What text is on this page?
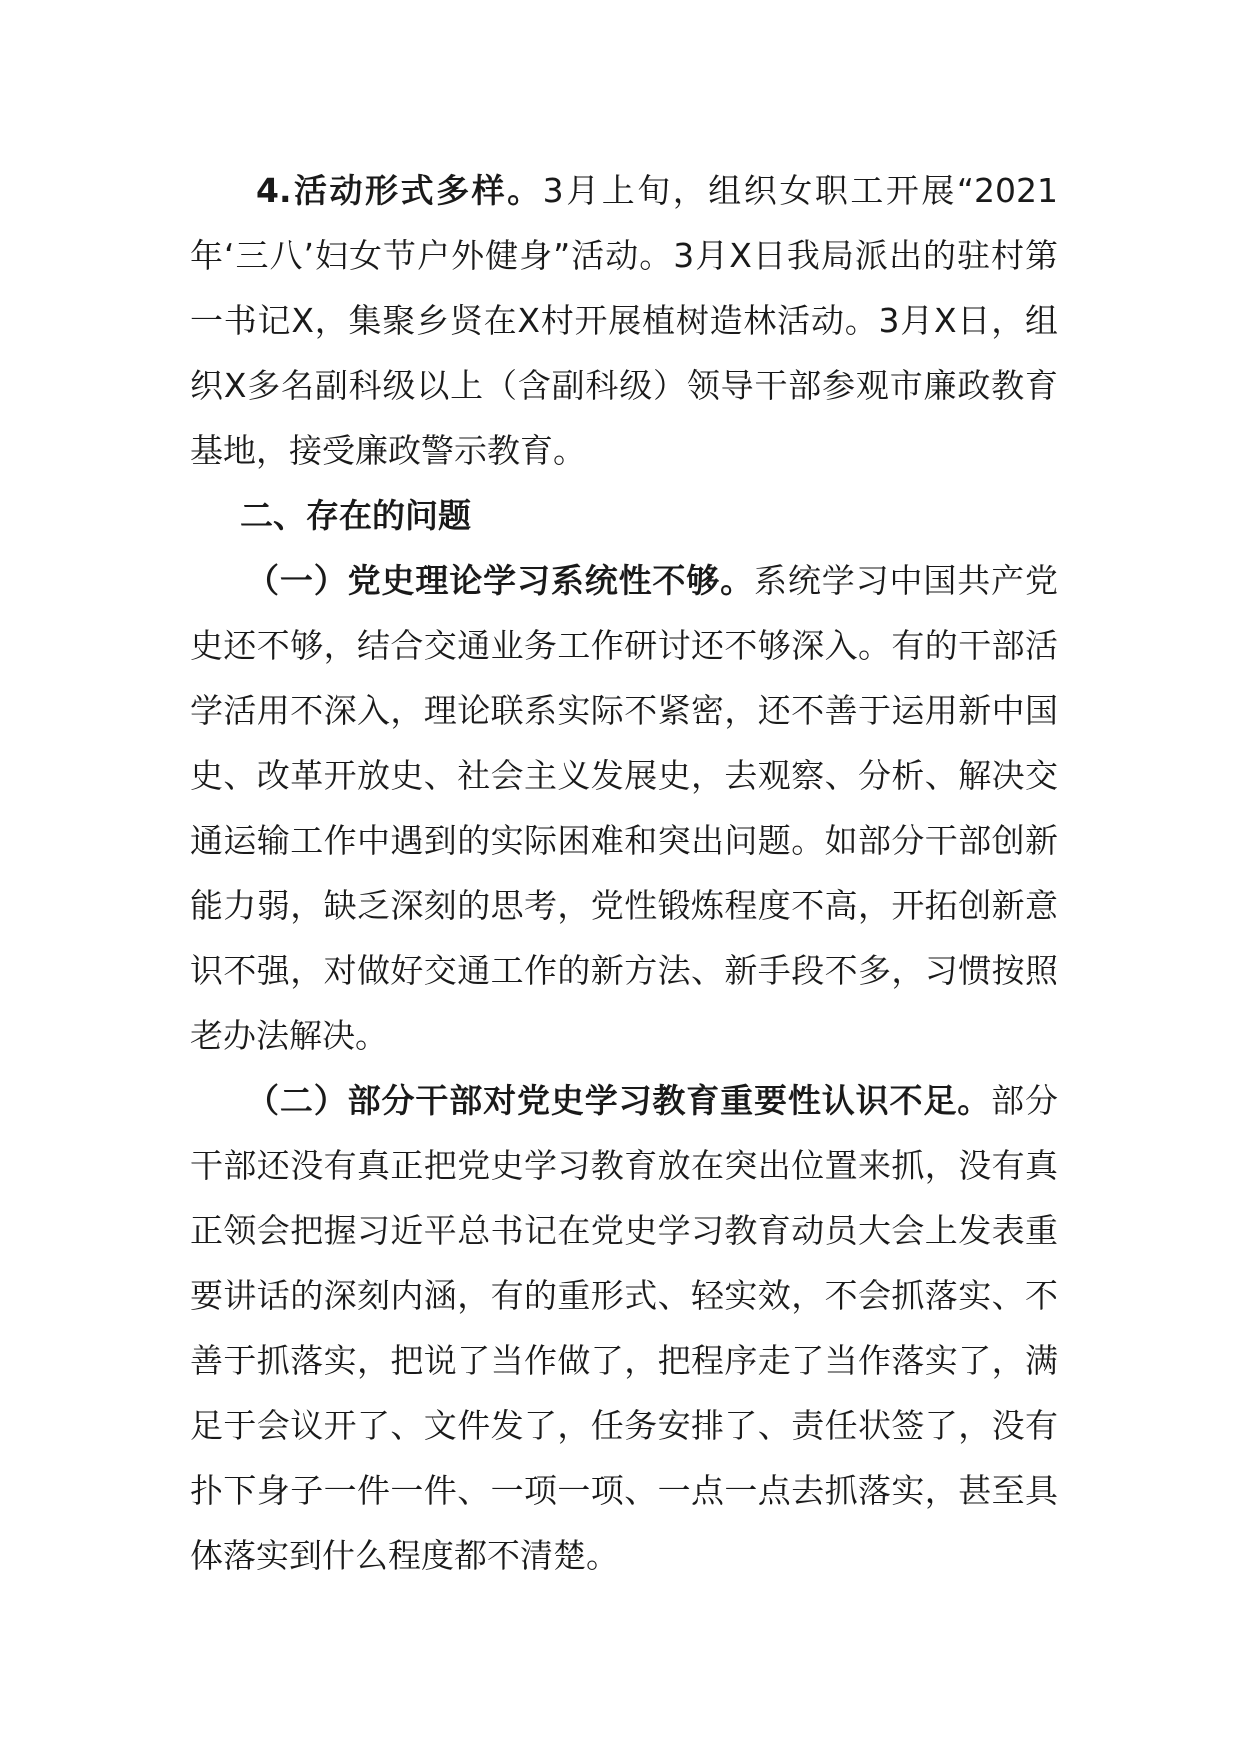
4.活动形式多样。3月上旬，组织女职工开展“2021年‘三八’妇女节户外健身”活动。3月X日我局派出的驻村第一书记X，集聚乡贤在X村开展植树造林活动。3月X日，组织X多名副科级以上（含副科级）领导干部参观市廉政教育基地，接受廉政警示教育。

二、存在的问题

（一）党史理论学习系统性不够。系统学习中国共产党史还不够，结合交通业务工作研讨还不够深入。有的干部活学活用不深入，理论联系实际不紧密，还不善于运用新中国史、改革开放史、社会主义发展史，去观察、分析、解决交通运输工作中遇到的实际困难和突出问题。如部分干部创新能力弱，缺乏深刻的思考，党性锻炼程度不高，开拓创新意识不强，对做好交通工作的新方法、新手段不多，习惯按照老办法解决。

（二）部分干部对党史学习教育重要性认识不足。部分干部还没有真正把党史学习教育放在突出位置来抓，没有真正领会把握习近平总书记在党史学习教育动员大会上发表重要讲话的深刻内涵，有的重形式、轻实效，不会抓落实、不善于抓落实，把说了当作做了，把程序走了当作落实了，满足于会议开了、文件发了，任务安排了、责任状签了，没有扑下身子一件一件、一项一项、一点一点去抓落实，甚至具体落实到什么程度都不清楚。
